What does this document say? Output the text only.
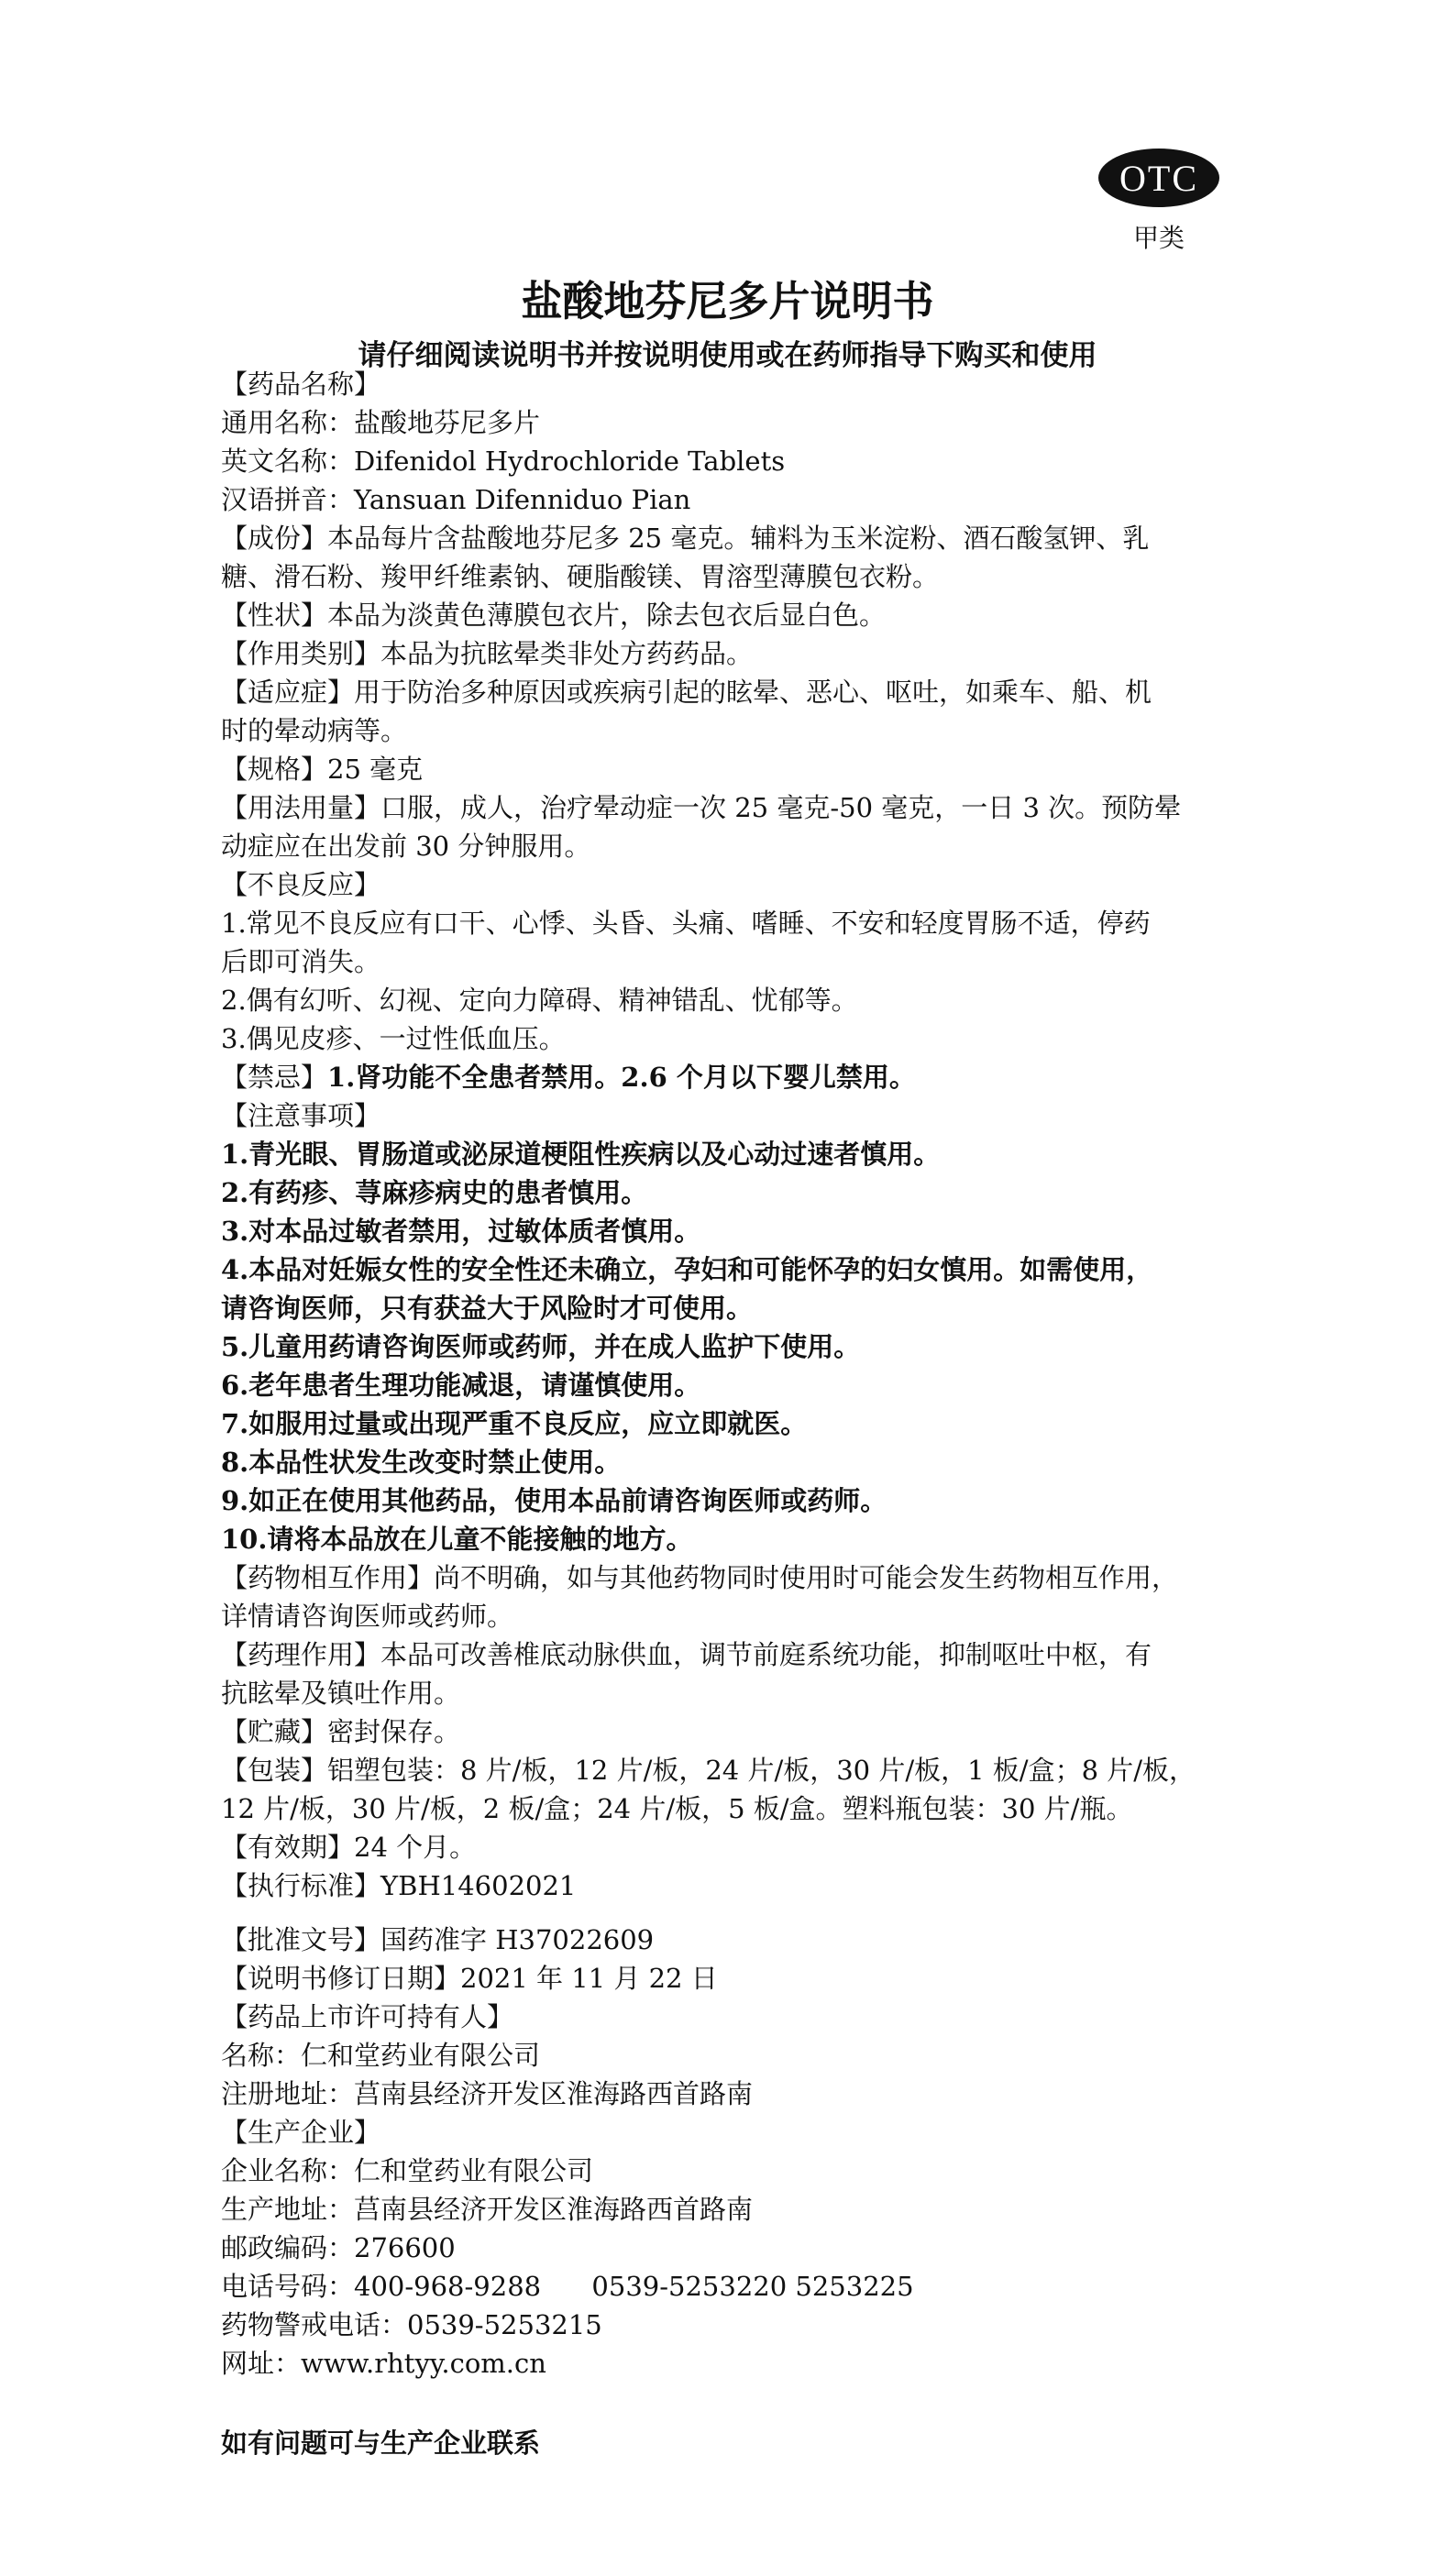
OTC
甲类
盐酸地芬尼多片说明书
请仔细阅读说明书并按说明使用或在药师指导下购买和使用

【药品名称】

通用名称：盐酸地芬尼多片

英文名称：Difenidol Hydrochloride Tablets

汉语拼音：Yansuan Difenniduo Pian

【成份】本品每片含盐酸地芬尼多 25 毫克。辅料为玉米淀粉、酒石酸氢钾、乳

糖、滑石粉、羧甲纤维素钠、硬脂酸镁、胃溶型薄膜包衣粉。

【性状】本品为淡黄色薄膜包衣片，除去包衣后显白色。

【作用类别】本品为抗眩晕类非处方药药品。

【适应症】用于防治多种原因或疾病引起的眩晕、恶心、呕吐，如乘车、船、机

时的晕动病等。

【规格】25 毫克

【用法用量】口服，成人，治疗晕动症一次 25 毫克-50 毫克，一日 3 次。预防晕

动症应在出发前 30 分钟服用。

【不良反应】

1.常见不良反应有口干、心悸、头昏、头痛、嗜睡、不安和轻度胃肠不适，停药

后即可消失。

2.偶有幻听、幻视、定向力障碍、精神错乱、忧郁等。

3.偶见皮疹、一过性低血压。

【禁忌】1.肾功能不全患者禁用。2.6 个月以下婴儿禁用。

【注意事项】

1.青光眼、胃肠道或泌尿道梗阻性疾病以及心动过速者慎用。

2.有药疹、荨麻疹病史的患者慎用。

3.对本品过敏者禁用，过敏体质者慎用。

4.本品对妊娠女性的安全性还未确立，孕妇和可能怀孕的妇女慎用。如需使用，

请咨询医师，只有获益大于风险时才可使用。

5.儿童用药请咨询医师或药师，并在成人监护下使用。

6.老年患者生理功能减退，请谨慎使用。

7.如服用过量或出现严重不良反应，应立即就医。

8.本品性状发生改变时禁止使用。

9.如正在使用其他药品，使用本品前请咨询医师或药师。

10.请将本品放在儿童不能接触的地方。

【药物相互作用】尚不明确，如与其他药物同时使用时可能会发生药物相互作用，

详情请咨询医师或药师。

【药理作用】本品可改善椎底动脉供血，调节前庭系统功能，抑制呕吐中枢，有

抗眩晕及镇吐作用。

【贮藏】密封保存。

【包装】铝塑包装：8 片/板，12 片/板，24 片/板，30 片/板，1 板/盒；8 片/板，

12 片/板，30 片/板，2 板/盒；24 片/板，5 板/盒。塑料瓶包装：30 片/瓶。

【有效期】24 个月。

【执行标准】YBH14602021

【批准文号】国药准字 H37022609

【说明书修订日期】2021 年 11 月 22 日

【药品上市许可持有人】

名称：仁和堂药业有限公司

注册地址：莒南县经济开发区淮海路西首路南

【生产企业】

企业名称：仁和堂药业有限公司

生产地址：莒南县经济开发区淮海路西首路南

邮政编码：276600

电话号码：400-968-9288      0539-5253220 5253225

药物警戒电话：0539-5253215

网址：www.rhtyy.com.cn

如有问题可与生产企业联系
